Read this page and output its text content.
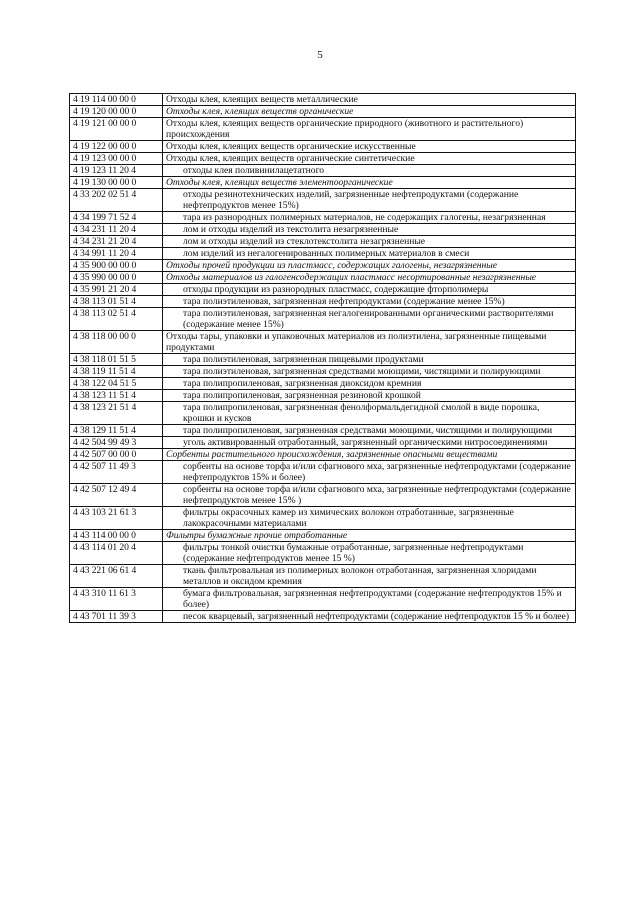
5
4 19 114 00 00 0	Отходы клея, клеящих веществ металлические
4 19 120 00 00 0	Отходы клея, клеящих веществ органические
4 19 121 00 00 0	Отходы клея, клеящих веществ органические природного (животного и растительного) происхождения
4 19 122 00 00 0	Отходы клея, клеящих веществ органические искусственные
4 19 123 00 00 0	Отходы клея, клеящих веществ органические синтетические
4 19 123 11 20 4	отходы клея поливинилацетатного
4 19 130 00 00 0	Отходы клея, клеящих веществ элементоорганические
4 33 202 02 51 4	отходы резинотехнических изделий, загрязненные нефтепродуктами (содержание нефтепродуктов менее 15%)
4 34 199 71 52 4	тара из разнородных полимерных материалов, не содержащих галогены, незагрязненная
4 34 231 11 20 4	лом и отходы изделий из текстолита незагрязненные
4 34 231 21 20 4	лом и отходы изделий из стеклотекстолита незагрязненные
4 34 991 11 20 4	лом изделий из негалогенированных полимерных материалов в смеси
4 35 900 00 00 0	Отходы прочей продукции из пластмасс, содержащих галогены, незагрязненные
4 35 990 00 00 0	Отходы материалов из галогенсодержащих пластмасс несортированные незагрязненные
4 35 991 21 20 4	отходы продукции из разнородных пластмасс, содержащие фторполимеры
4 38 113 01 51 4	тара полиэтиленовая, загрязненная нефтепродуктами (содержание менее 15%)
4 38 113 02 51 4	тара полиэтиленовая, загрязненная негалогенированными органическими растворителями (содержание менее 15%)
4 38 118 00 00 0	Отходы тары, упаковки и упаковочных материалов из полиэтилена, загрязненные пищевыми продуктами
4 38 118 01 51 5	тара полиэтиленовая, загрязненная пищевыми продуктами
4 38 119 11 51 4	тара полиэтиленовая, загрязненная средствами моющими, чистящими и полирующими
4 38 122 04 51 5	тара полипропиленовая, загрязненная диоксидом кремния
4 38 123 11 51 4	тара полипропиленовая, загрязненная резиновой крошкой
4 38 123 21 51 4	тара полипропиленовая, загрязненная фенолформальдегидной смолой в виде порошка, крошки и кусков
4 38 129 11 51 4	тара полипропиленовая, загрязненная средствами моющими, чистящими и полирующими
4 42 504 99 49 3	уголь активированный отработанный, загрязненный органическими нитросоединениями
4 42 507 00 00 0	Сорбенты растительного происхождения, загрязненные опасными веществами
4 42 507 11 49 3	сорбенты на основе торфа и/или сфагнового мха, загрязненные нефтепродуктами (содержание нефтепродуктов 15% и более)
4 42 507 12 49 4	сорбенты на основе торфа и/или сфагнового мха, загрязненные нефтепродуктами (содержание нефтепродуктов менее 15% )
4 43 103 21 61 3	фильтры окрасочных камер из химических волокон отработанные, загрязненные лакокрасочными материалами
4 43 114 00 00 0	Фильтры бумажные прочие отработанные
4 43 114 01 20 4	фильтры тонкой очистки бумажные отработанные, загрязненные нефтепродуктами (содержание нефтепродуктов менее 15 %)
4 43 221 06 61 4	ткань фильтровальная из полимерных волокон отработанная, загрязненная хлоридами металлов и оксидом кремния
4 43 310 11 61 3	бумага фильтровальная, загрязненная нефтепродуктами (содержание нефтепродуктов 15% и более)
4 43 701 11 39 3	песок кварцевый, загрязненный нефтепродуктами (содержание нефтепродуктов 15 % и более)
